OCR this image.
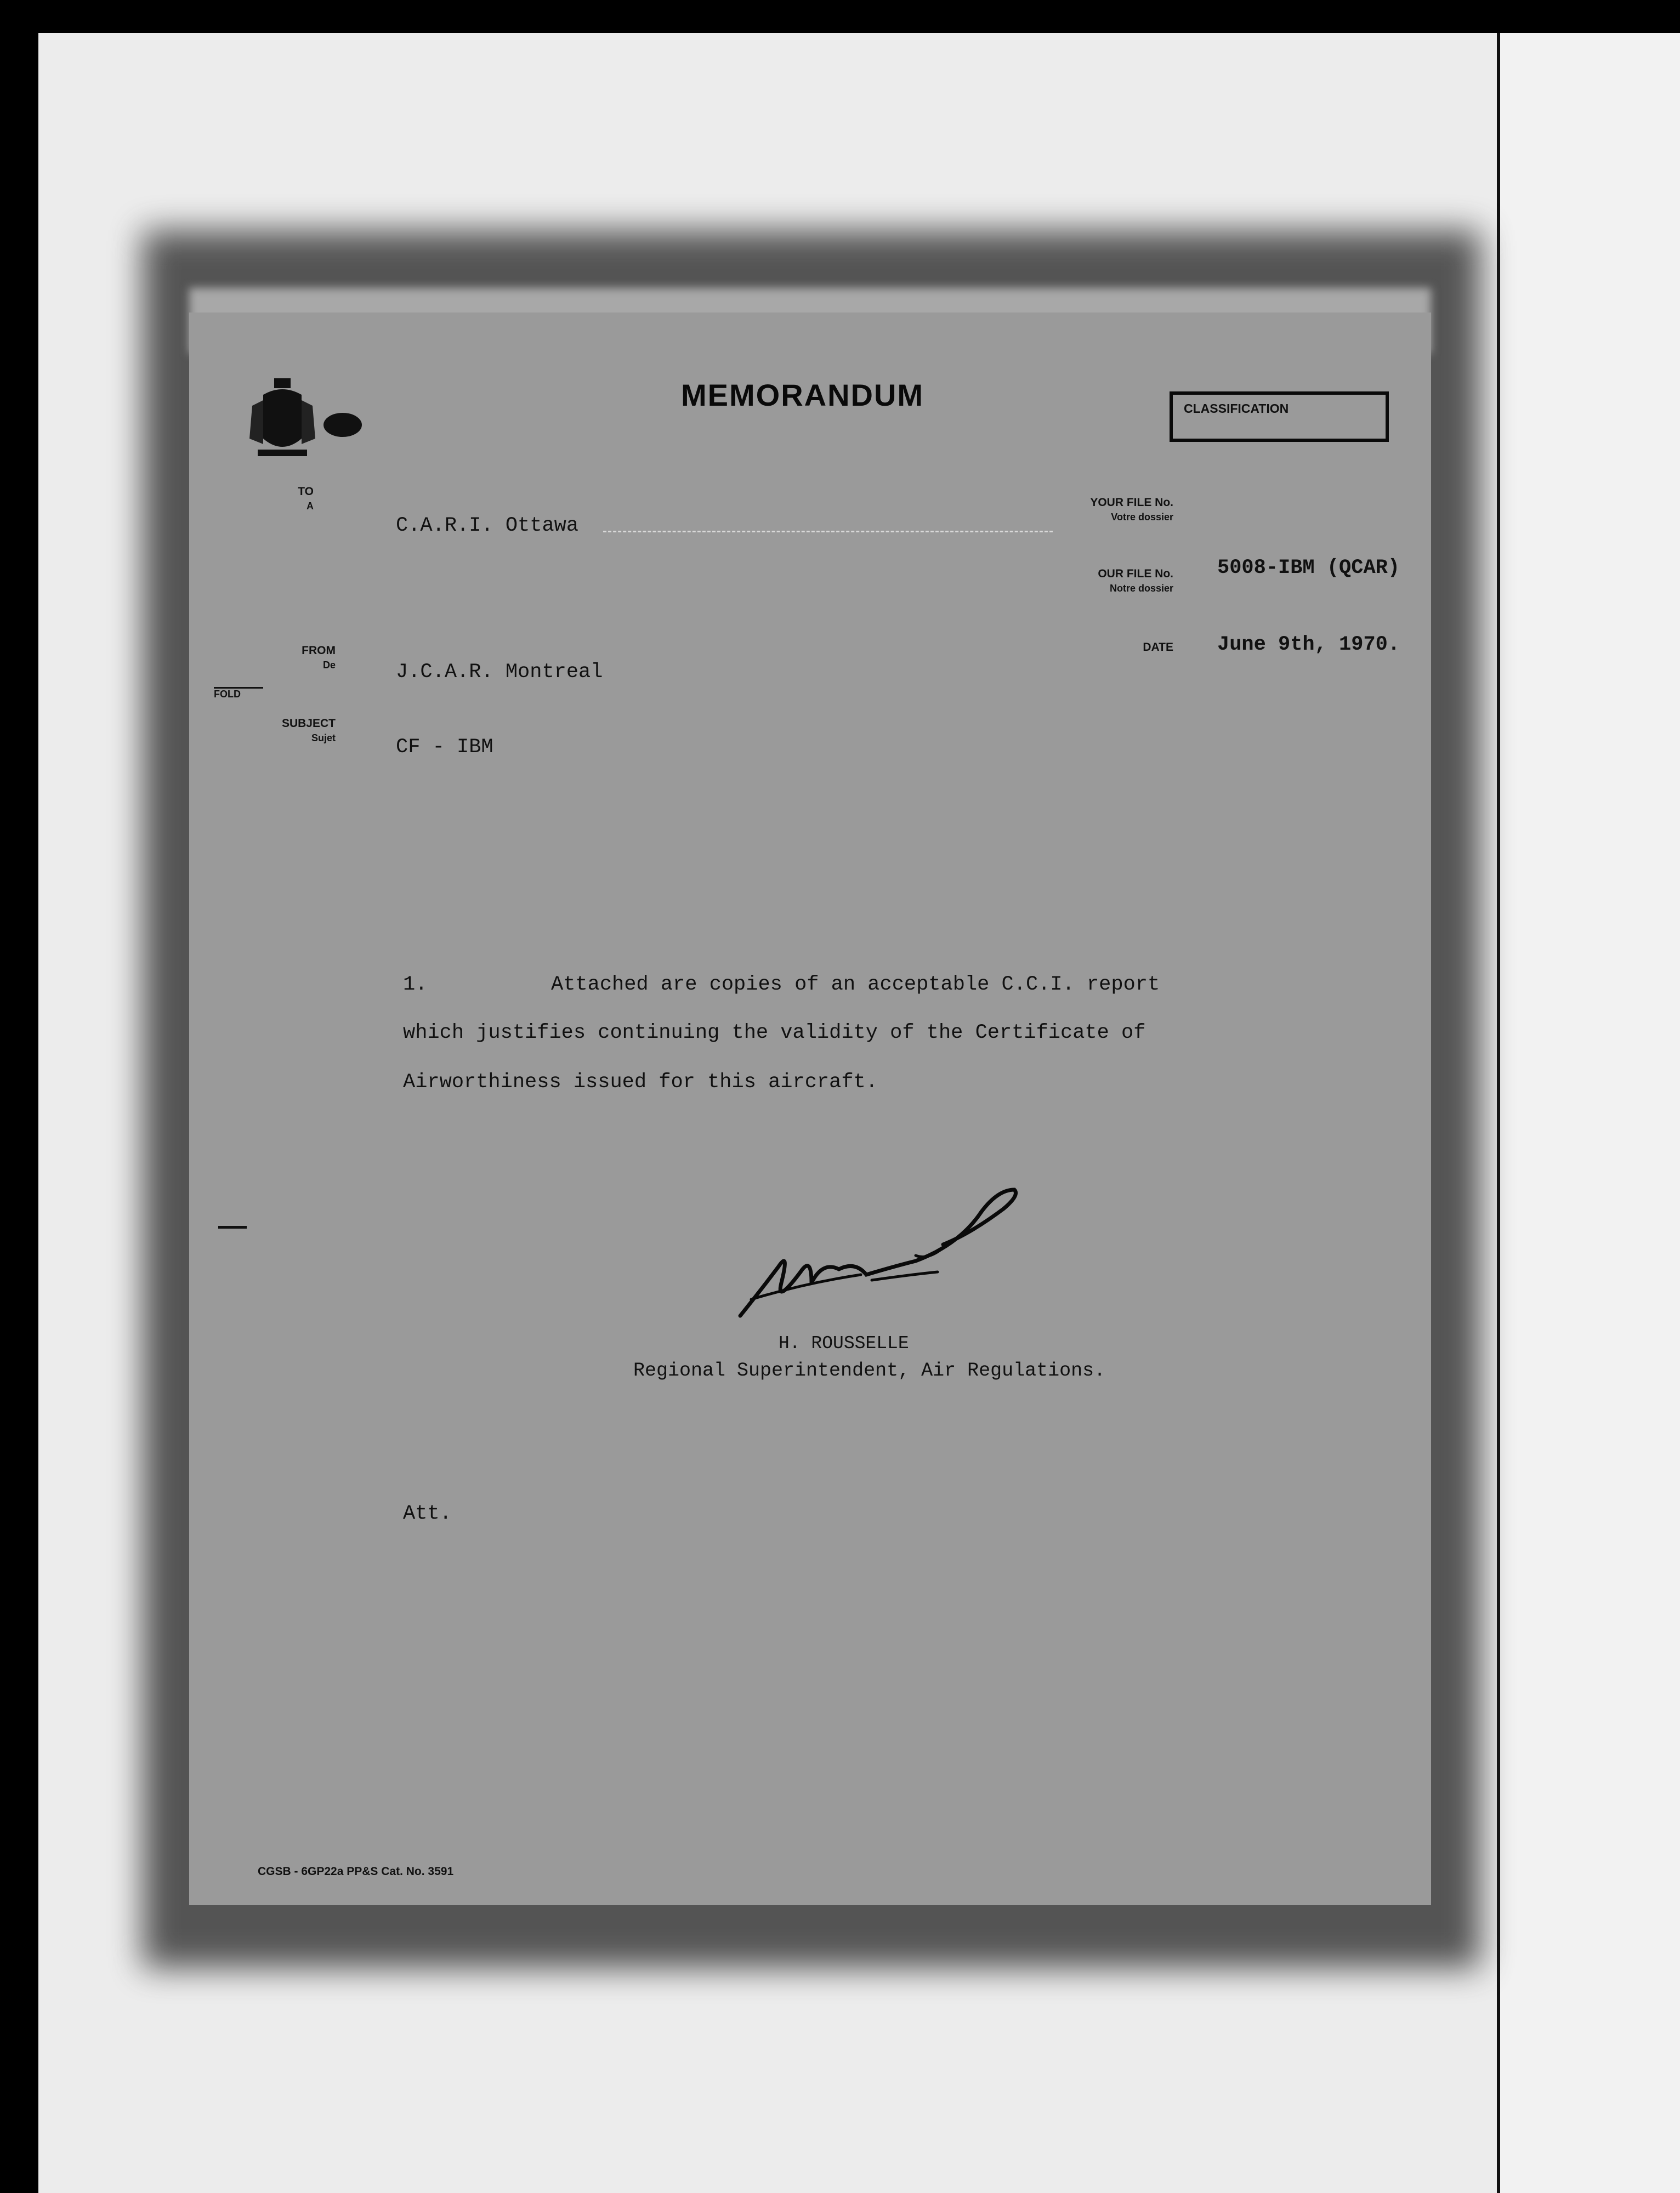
MEMORANDUM	CLASSIFICATION
TO
A
FROM
De
FOLD
SUBJECT
Sujet
YOUR FILE No.
Votre dossier
OUR FILE No.
Notre dossier
DATE
C.A.R.I. Ottawa
J.C.A.R. Montreal
CF - IBM
5008-IBM (QCAR)
June 9th, 1970.
1.	Attached are copies of an acceptable C.C.I. report
which justifies continuing the validity of the Certificate of
Airworthiness issued for this aircraft.
H. ROUSSELLE
Regional Superintendent, Air Regulations.
Att.
CGSB - 6GP22a PP&S Cat. No. 3591
